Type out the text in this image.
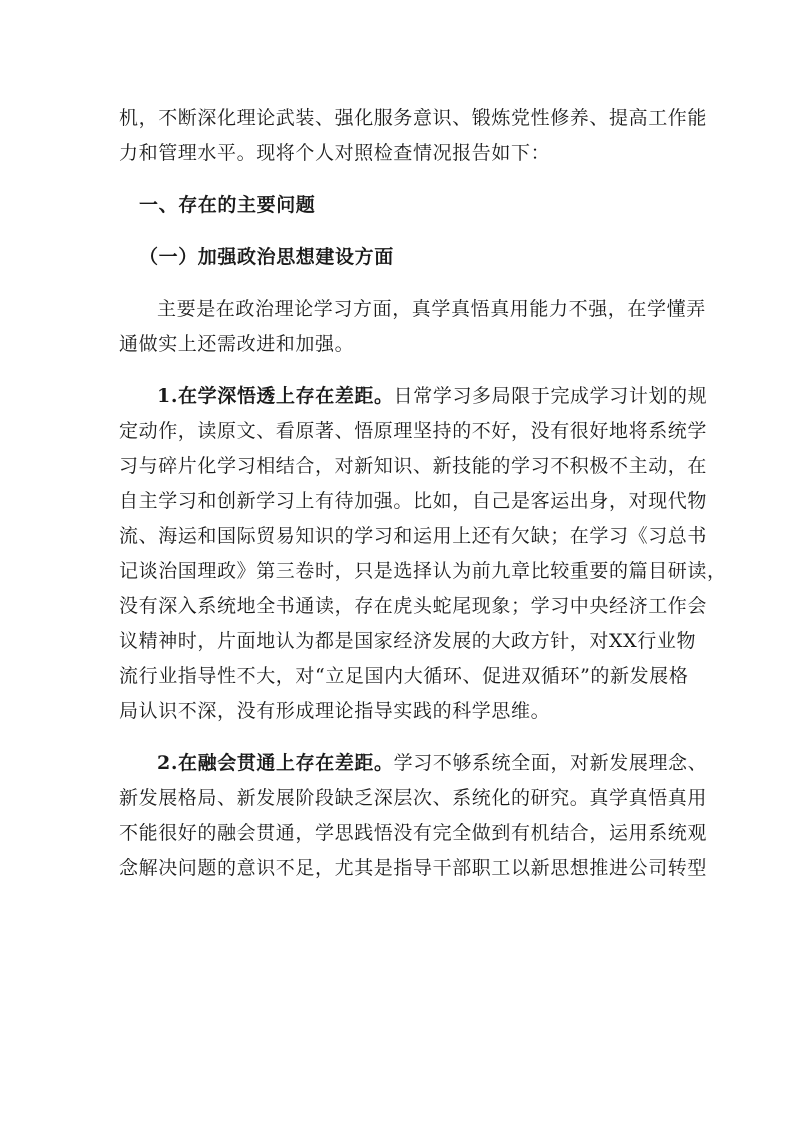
机，不断深化理论武装、强化服务意识、锻炼党性修养、提高工作能
力和管理水平。现将个人对照检查情况报告如下：
一、存在的主要问题
（一）加强政治思想建设方面
主要是在政治理论学习方面，真学真悟真用能力不强，在学懂弄
通做实上还需改进和加强。
1.在学深悟透上存在差距。日常学习多局限于完成学习计划的规
定动作，读原文、看原著、悟原理坚持的不好，没有很好地将系统学
习与碎片化学习相结合，对新知识、新技能的学习不积极不主动，在
自主学习和创新学习上有待加强。比如，自己是客运出身，对现代物
流、海运和国际贸易知识的学习和运用上还有欠缺；在学习《习总书
记谈治国理政》第三卷时，只是选择认为前九章比较重要的篇目研读，
没有深入系统地全书通读，存在虎头蛇尾现象；学习中央经济工作会
议精神时，片面地认为都是国家经济发展的大政方针，对XX行业物
流行业指导性不大，对“立足国内大循环、促进双循环”的新发展格
局认识不深，没有形成理论指导实践的科学思维。
2.在融会贯通上存在差距。学习不够系统全面，对新发展理念、
新发展格局、新发展阶段缺乏深层次、系统化的研究。真学真悟真用
不能很好的融会贯通，学思践悟没有完全做到有机结合，运用系统观
念解决问题的意识不足，尤其是指导干部职工以新思想推进公司转型
